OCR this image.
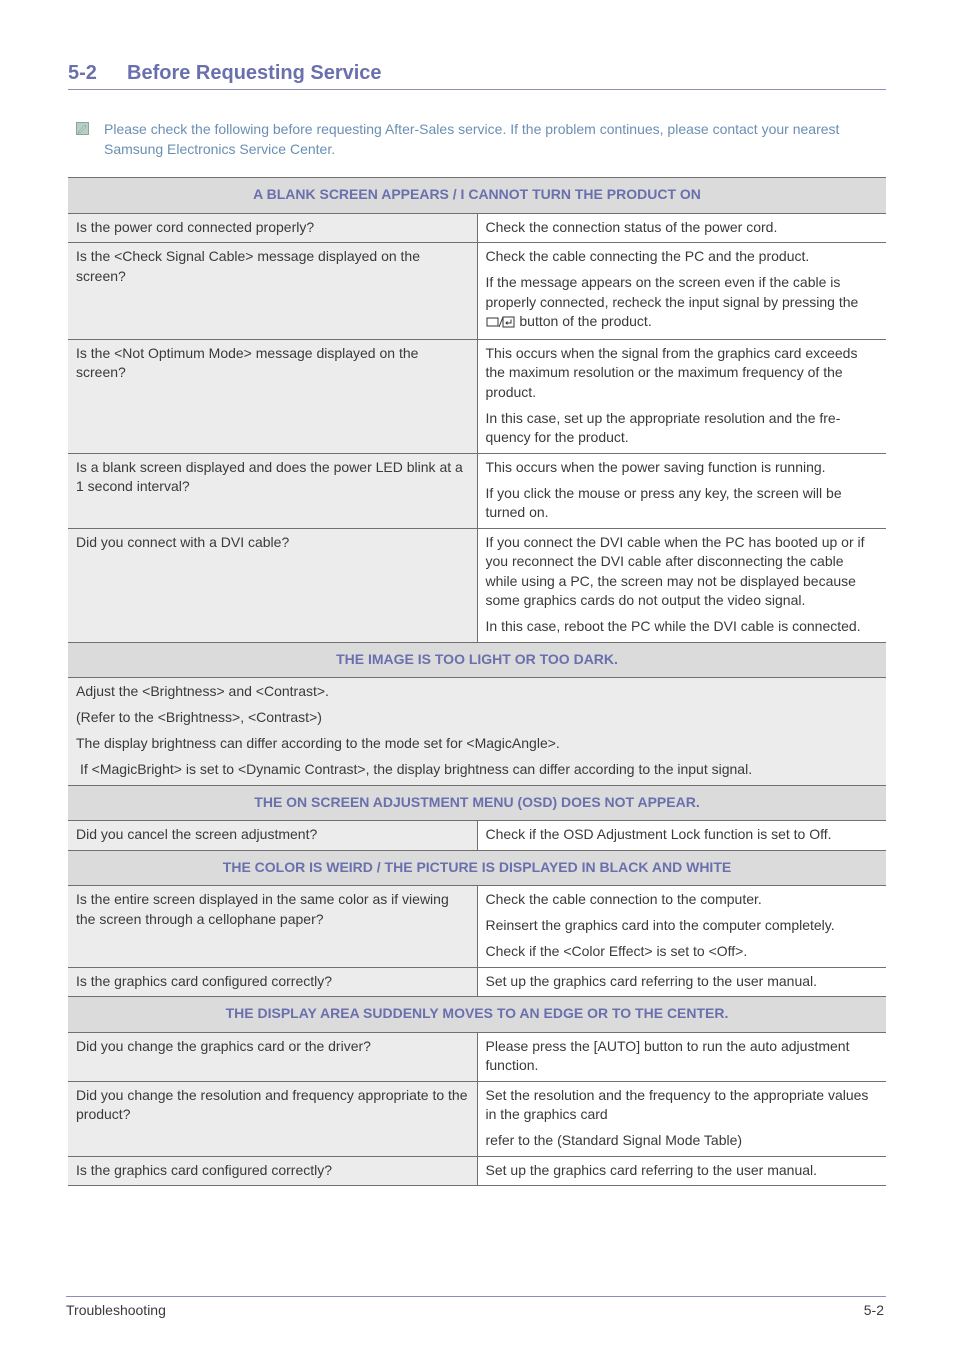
5-2 Before Requesting Service
Please check the following before requesting After-Sales service. If the problem continues, please contact your nearest Samsung Electronics Service Center.
A BLANK SCREEN APPEARS / I CANNOT TURN THE PRODUCT ON	
Is the power cord connected properly?	Check the connection status of the power cord.

Is the <Check Signal Cable> message displayed on the screen?	Check the cable connecting the PC and the product.

If the message appears on the screen even if the cable is properly connected, recheck the input signal by pressing the
button of the product.

Is the <Not Optimum Mode> message displayed on the screen?	This occurs when the signal from the graphics card exceeds the maximum resolution or the maximum frequency of the product.

In this case, set up the appropriate resolution and the fre-quency for the product.

Is a blank screen displayed and does the power LED blink at a 1 second interval?	This occurs when the power saving function is running.

If you click the mouse or press any key, the screen will be turned on.

Did you connect with a DVI cable?	If you connect the DVI cable when the PC has booted up or if you reconnect the DVI cable after disconnecting the cable while using a PC, the screen may not be displayed because some graphics cards do not output the video signal.

In this case, reboot the PC while the DVI cable is connected.

THE IMAGE IS TOO LIGHT OR TOO DARK.	

Adjust the <Brightness> and <Contrast>.

(Refer to the <Brightness>, <Contrast>)

The display brightness can differ according to the mode set for <MagicAngle>.

If <MagicBright> is set to <Dynamic Contrast>, the display brightness can differ according to the input signal.	

THE ON SCREEN ADJUSTMENT MENU (OSD) DOES NOT APPEAR.	
Did you cancel the screen adjustment?	Check if the OSD Adjustment Lock function is set to Off.

THE COLOR IS WEIRD / THE PICTURE IS DISPLAYED IN BLACK AND WHITE	
Is the entire screen displayed in the same color as if viewing the screen through a cellophane paper?	Check the cable connection to the computer.

Reinsert the graphics card into the computer completely.

Check if the <Color Effect> is set to <Off>.

Is the graphics card configured correctly?	Set up the graphics card referring to the user manual.

THE DISPLAY AREA SUDDENLY MOVES TO AN EDGE OR TO THE CENTER.	
Did you change the graphics card or the driver?	Please press the [AUTO] button to run the auto adjustment function.

Did you change the resolution and frequency appropriate to the product?	Set the resolution and the frequency to the appropriate values in the graphics card

refer to the (Standard Signal Mode Table)

Is the graphics card configured correctly?	Set up the graphics card referring to the user manual.

Troubleshooting	5-2
